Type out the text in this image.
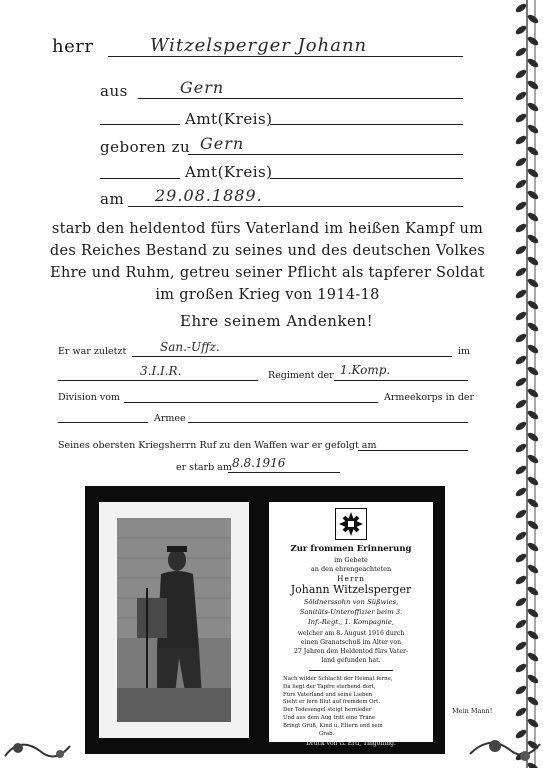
herr	Witzelsperger Johann
aus	Gern
Amt(Kreis)
geboren zu Gern
Amt(Kreis)
am 29.08.1889.
starb den heldentod fürs Vaterland im heißen Kampf um
des Reiches Bestand zu seines und des deutschen Volkes
Ehre und Ruhm, getreu seiner Pflicht als tapferer Soldat
im großen Krieg von 1914-18
Ehre seinem Andenken!
Er war zuletzt	San.-Uffz.	im
3.I.I.R.	Regiment der 1.Komp.
Division vom	Armeekorps in der
Armee
Seines obersten Kriegsherrn Ruf zu den Waffen war er gefolgt am
er starb am 8.8.1916
Zur frommen Erinnerung
im Gebete
an den ehrengeachteten
Herrn
Johann Witzelsperger
Söldnerssohn von Süßwies,
Sanitäts-Unteroffizier beim 3.
Inf.-Regt., 1. Kompagnie,
welcher am 8. August 1916 durch
einen Granatschuß im Alter von
27 Jahren den Heldentod fürs Vater-
land gefunden hat.
Nach wilder Schlacht der Heimat ferne,
Da liegt der Tapfre sterbend dort,
Fürs Vaterland und seine Lieben
Sieht er fern Blut auf fremdem Ort.
Der Todesengel steigt hernieder
Und aus dem Aug tritt eine Träne
Bringt Grüß, Kind u. Eltern und sein
Grab.
Druck von G. Ertl, Tingolfing.
Mein Mann!
